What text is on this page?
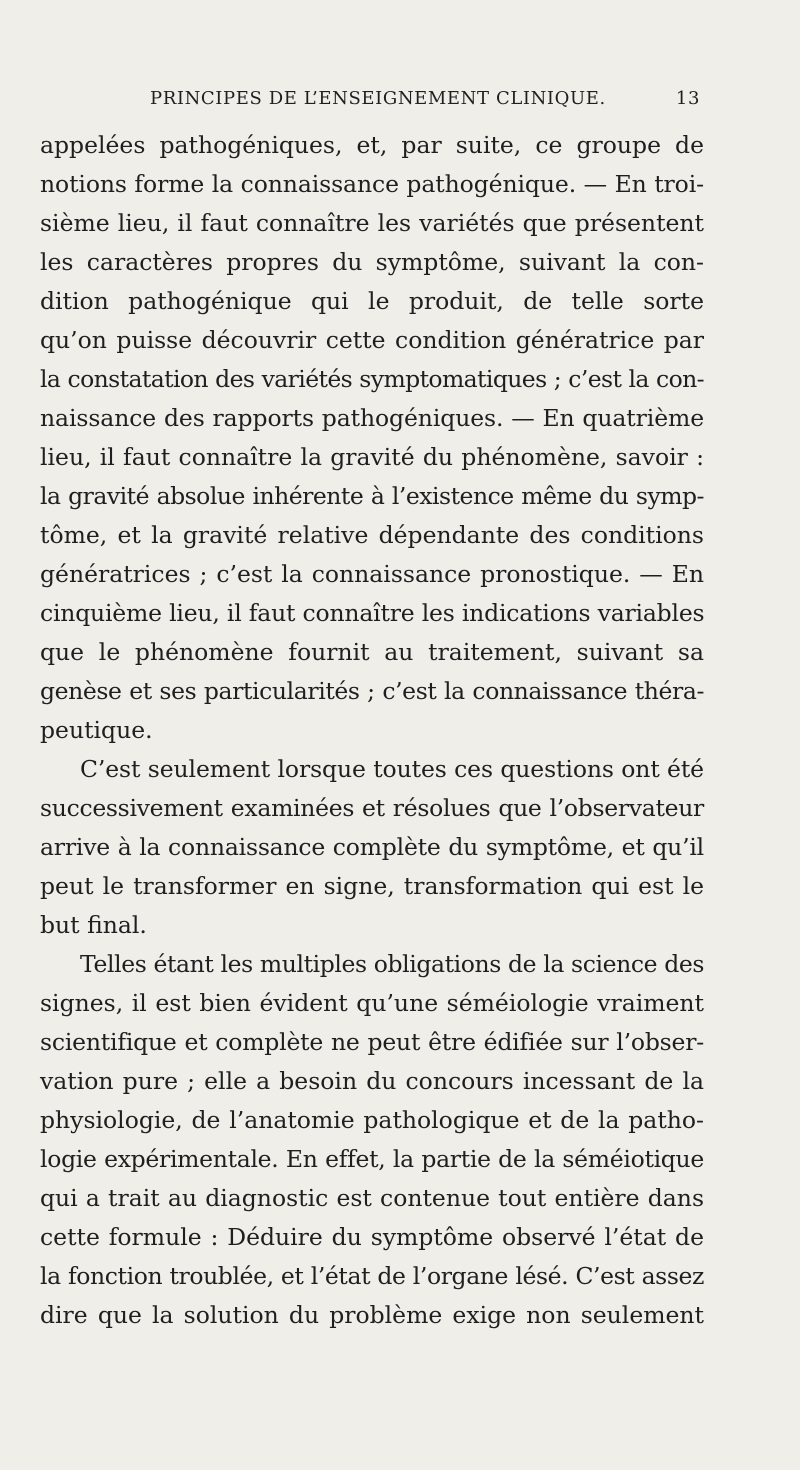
PRINCIPES DE L’ENSEIGNEMENT CLINIQUE.	13
appelées pathogéniques, et, par suite, ce groupe de
notions forme la connaissance pathogénique. — En troi-
sième lieu, il faut connaître les variétés que présentent
les caractères propres du symptôme, suivant la con-
dition pathogénique qui le produit, de telle sorte
qu’on puisse découvrir cette condition génératrice par
la constatation des variétés symptomatiques ; c’est la con-
naissance des rapports pathogéniques. — En quatrième
lieu, il faut connaître la gravité du phénomène, savoir :
la gravité absolue inhérente à l’existence même du symp-
tôme, et la gravité relative dépendante des conditions
génératrices ; c’est la connaissance pronostique. — En
cinquième lieu, il faut connaître les indications variables
que le phénomène fournit au traitement, suivant sa
genèse et ses particularités ; c’est la connaissance théra-
peutique.
C’est seulement lorsque toutes ces questions ont été
successivement examinées et résolues que l’observateur
arrive à la connaissance complète du symptôme, et qu’il
peut le transformer en signe, transformation qui est le
but final.
Telles étant les multiples obligations de la science des
signes, il est bien évident qu’une séméiologie vraiment
scientifique et complète ne peut être édifiée sur l’obser-
vation pure ; elle a besoin du concours incessant de la
physiologie, de l’anatomie pathologique et de la patho-
logie expérimentale. En effet, la partie de la séméiotique
qui a trait au diagnostic est contenue tout entière dans
cette formule : Déduire du symptôme observé l’état de
la fonction troublée, et l’état de l’organe lésé. C’est assez
dire que la solution du problème exige non seulement
